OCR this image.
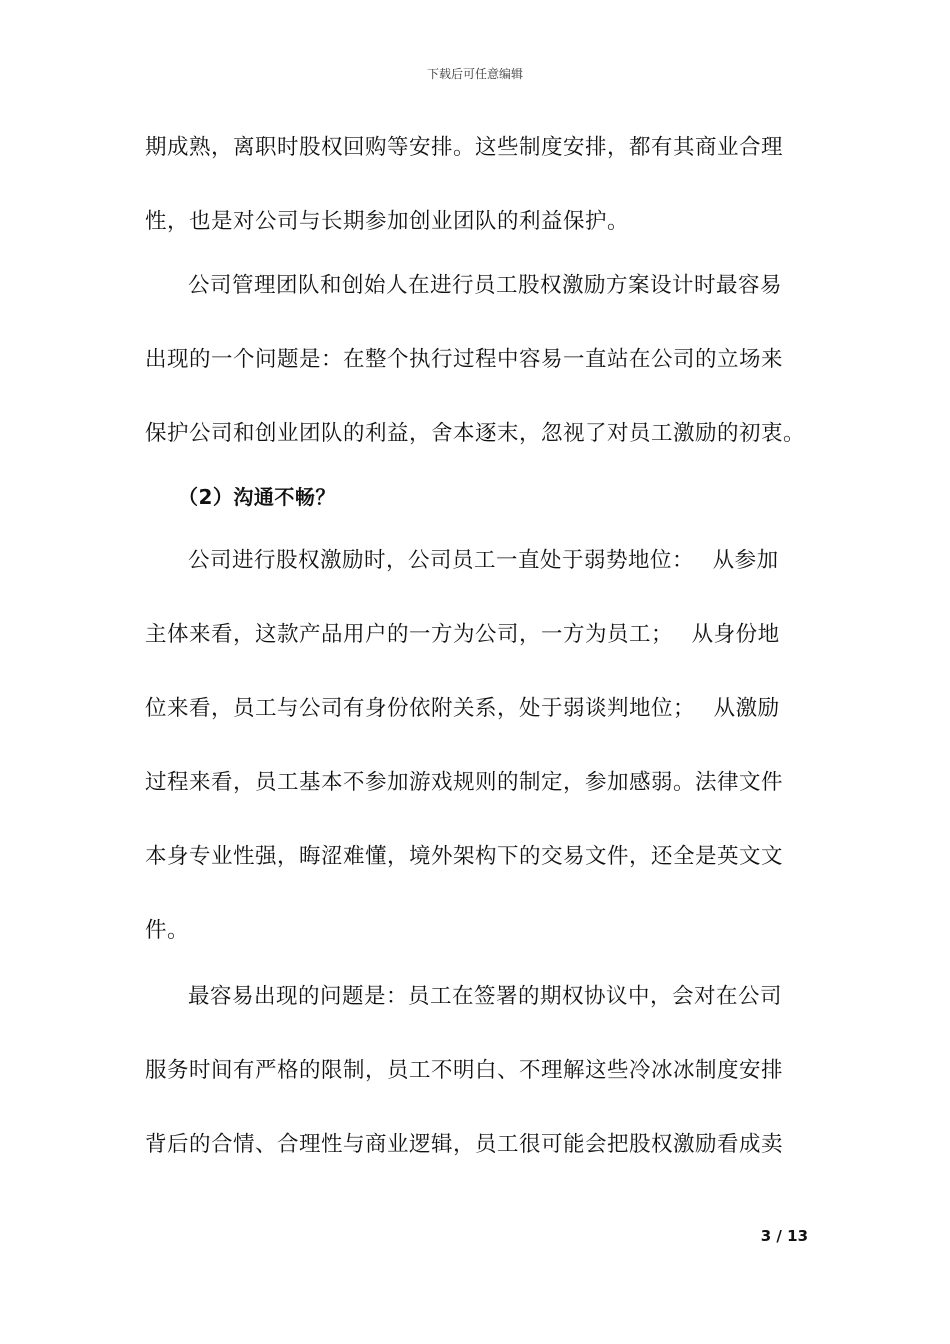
下载后可任意编辑
期成熟，离职时股权回购等安排。这些制度安排，都有其商业合理
性，也是对公司与长期参加创业团队的利益保护。
公司管理团队和创始人在进行员工股权激励方案设计时最容易
出现的一个问题是：在整个执行过程中容易一直站在公司的立场来
保护公司和创业团队的利益，舍本逐末，忽视了对员工激励的初衷。
（2）沟通不畅？
公司进行股权激励时，公司员工一直处于弱势地位：　 从参加
主体来看，这款产品用户的一方为公司，一方为员工；　 从身份地
位来看，员工与公司有身份依附关系，处于弱谈判地位；　 从激励
过程来看，员工基本不参加游戏规则的制定，参加感弱。法律文件
本身专业性强，晦涩难懂，境外架构下的交易文件，还全是英文文
件。
最容易出现的问题是：员工在签署的期权协议中，会对在公司
服务时间有严格的限制，员工不明白、不理解这些冷冰冰制度安排
背后的合情、合理性与商业逻辑，员工很可能会把股权激励看成卖
3 / 13
